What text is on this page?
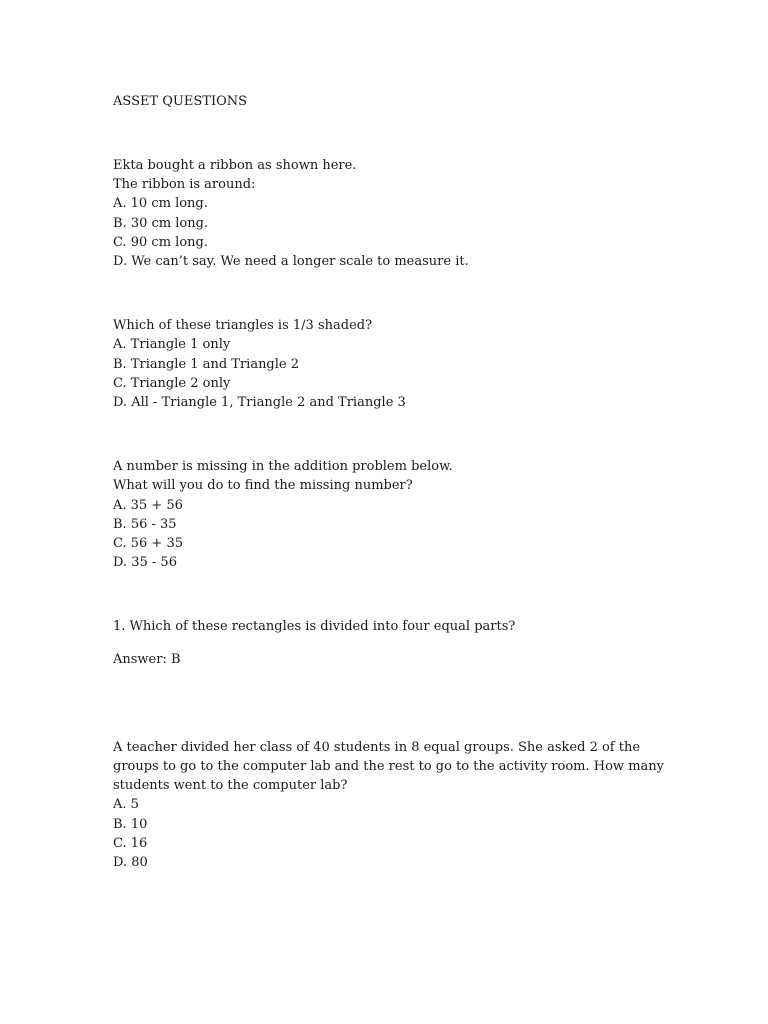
ASSET QUESTIONS
Ekta bought a ribbon as shown here.
The ribbon is around:
A. 10 cm long.
B. 30 cm long.
C. 90 cm long.
D. We can’t say. We need a longer scale to measure it.
Which of these triangles is 1/3 shaded?
A. Triangle 1 only
B. Triangle 1 and Triangle 2
C. Triangle 2 only
D. All - Triangle 1, Triangle 2 and Triangle 3
A number is missing in the addition problem below.
What will you do to find the missing number?
A. 35 + 56
B. 56 - 35
C. 56 + 35
D. 35 - 56
1. Which of these rectangles is divided into four equal parts?
Answer: B
A teacher divided her class of 40 students in 8 equal groups. She asked 2 of the groups to go to the computer lab and the rest to go to the activity room. How many students went to the computer lab?
A. 5
B. 10
C. 16
D. 80
